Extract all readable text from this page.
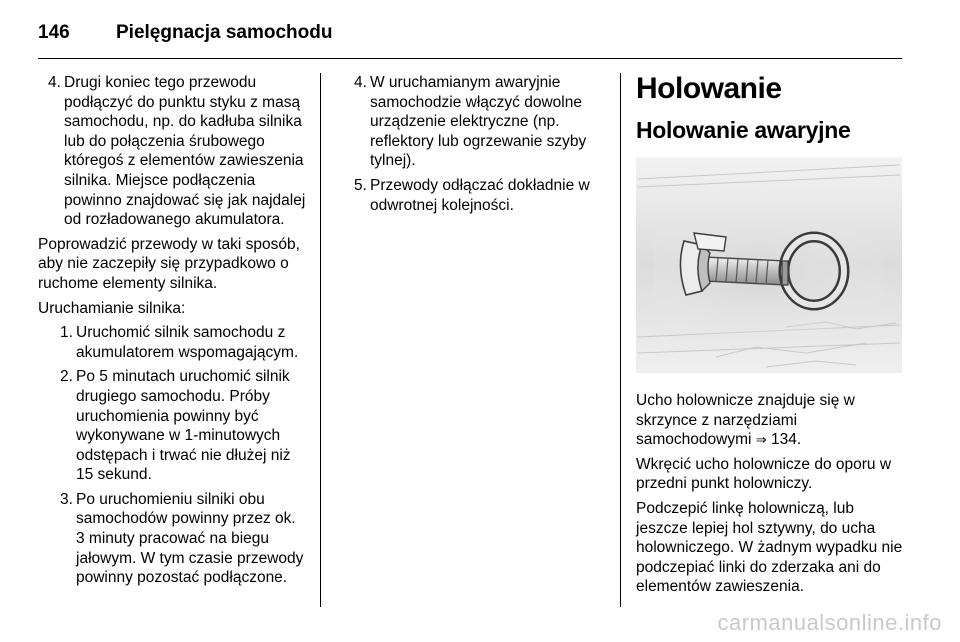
146 Pielęgnacja samochodu
4. Drugi koniec tego przewodu podłączyć do punktu styku z masą samochodu, np. do kadłuba silnika lub do połączenia śrubowego któregoś z elementów zawieszenia silnika. Miejsce podłączenia powinno znajdować się jak najdalej od rozładowanego akumulatora.

Poprowadzić przewody w taki sposób, aby nie zaczepiły się przypadkowo o ruchome elementy silnika.

Uruchamianie silnika:

1. Uruchomić silnik samochodu z akumulatorem wspomagającym.
2. Po 5 minutach uruchomić silnik drugiego samochodu. Próby uruchomienia powinny być wykonywane w 1-minutowych odstępach i trwać nie dłużej niż 15 sekund.
3. Po uruchomieniu silniki obu samochodów powinny przez ok. 3 minuty pracować na biegu jałowym. W tym czasie przewody powinny pozostać podłączone.
4. W uruchamianym awaryjnie samochodzie włączyć dowolne urządzenie elektryczne (np. reflektory lub ogrzewanie szyby tylnej).
5. Przewody odłączać dokładnie w odwrotnej kolejności.
Holowanie
Holowanie awaryjne

Ucho holownicze znajduje się w skrzynce z narzędziami samochodowymi ⇒ 134.

Wkręcić ucho holownicze do oporu w przedni punkt holowniczy.

Podczepić linkę holowniczą, lub jeszcze lepiej hol sztywny, do ucha holowniczego. W żadnym wypadku nie podczepiać linki do zderzaka ani do elementów zawieszenia.

carmanualsonline.info
